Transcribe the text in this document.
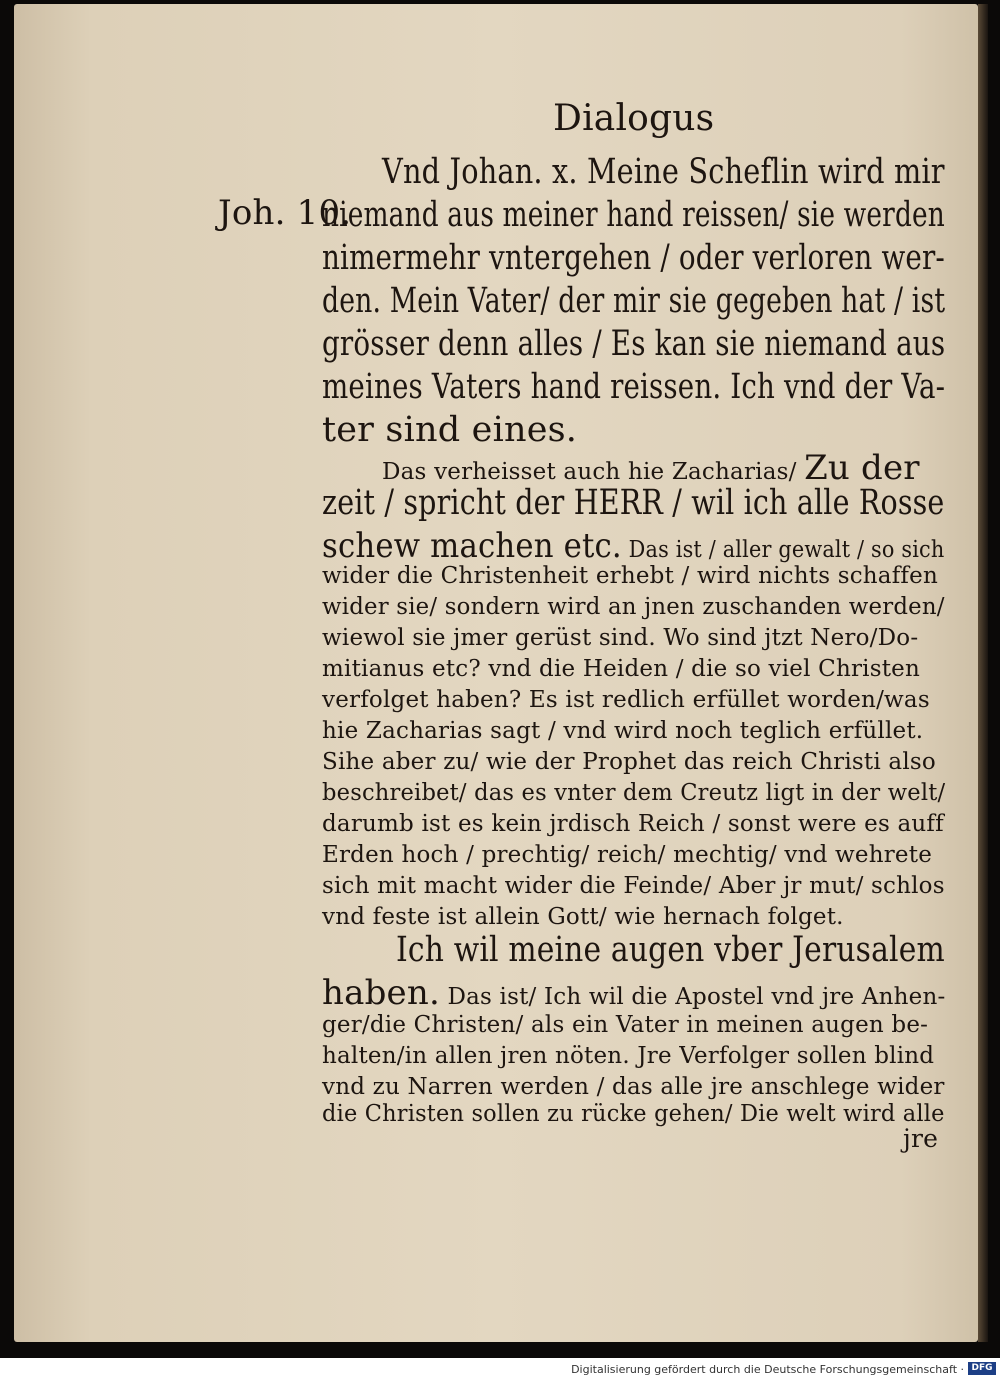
Dialogus
Joh. 10.
Vnd Johan. x. Meine Scheflin wird mir
niemand aus meiner hand reissen/ sie werden
nimermehr vntergehen / oder verloren wer-
den. Mein Vater/ der mir sie gegeben hat / ist
grösser denn alles / Es kan sie niemand aus
meines Vaters hand reissen. Ich vnd der Va-
ter sind eines.
Das verheisset auch hie Zacharias/ Zu der
zeit / spricht der HERR / wil ich alle Rosse
schew machen etc. Das ist / aller gewalt / so sich
wider die Christenheit erhebt / wird nichts schaffen
wider sie/ sondern wird an jnen zuschanden werden/
wiewol sie jmer gerüst sind. Wo sind jtzt Nero/Do-
mitianus etc? vnd die Heiden / die so viel Christen
verfolget haben? Es ist redlich erfüllet worden/was
hie Zacharias sagt / vnd wird noch teglich erfüllet.
Sihe aber zu/ wie der Prophet das reich Christi also
beschreibet/ das es vnter dem Creutz ligt in der welt/
darumb ist es kein jrdisch Reich / sonst were es auff
Erden hoch / prechtig/ reich/ mechtig/ vnd wehrete
sich mit macht wider die Feinde/ Aber jr mut/ schlos
vnd feste ist allein Gott/ wie hernach folget.
Ich wil meine augen vber Jerusalem
haben. Das ist/ Ich wil die Apostel vnd jre Anhen-
ger/die Christen/ als ein Vater in meinen augen be-
halten/in allen jren nöten. Jre Verfolger sollen blind
vnd zu Narren werden / das alle jre anschlege wider
die Christen sollen zu rücke gehen/ Die welt wird alle
jre
Digitalisierung gefördert durch die Deutsche Forschungsgemeinschaft · DFG
